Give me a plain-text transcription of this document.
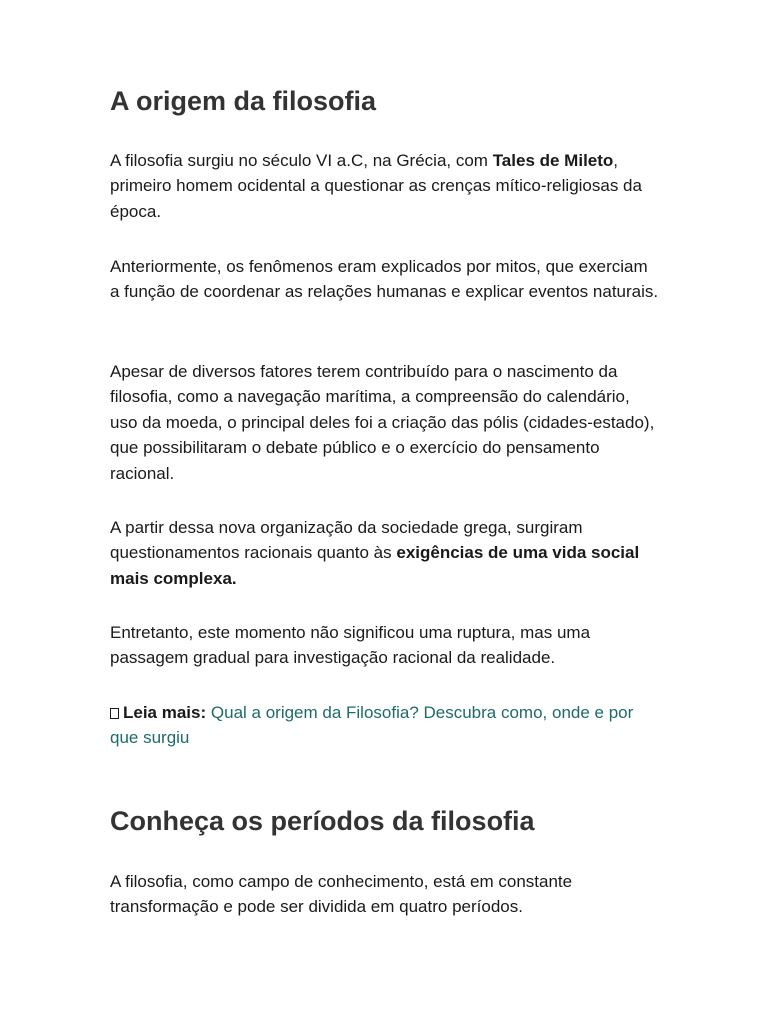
A origem da filosofia

A filosofia surgiu no século VI a.C, na Grécia, com Tales de Mileto, primeiro homem ocidental a questionar as crenças mítico-religiosas da época.

Anteriormente, os fenômenos eram explicados por mitos, que exerciam a função de coordenar as relações humanas e explicar eventos naturais.

Apesar de diversos fatores terem contribuído para o nascimento da filosofia, como a navegação marítima, a compreensão do calendário, uso da moeda, o principal deles foi a criação das pólis (cidades-estado), que possibilitaram o debate público e o exercício do pensamento racional.

A partir dessa nova organização da sociedade grega, surgiram questionamentos racionais quanto às exigências de uma vida social mais complexa.

Entretanto, este momento não significou uma ruptura, mas uma passagem gradual para investigação racional da realidade.

Leia mais: Qual a origem da Filosofia? Descubra como, onde e por que surgiu

Conheça os períodos da filosofia

A filosofia, como campo de conhecimento, está em constante transformação e pode ser dividida em quatro períodos.
